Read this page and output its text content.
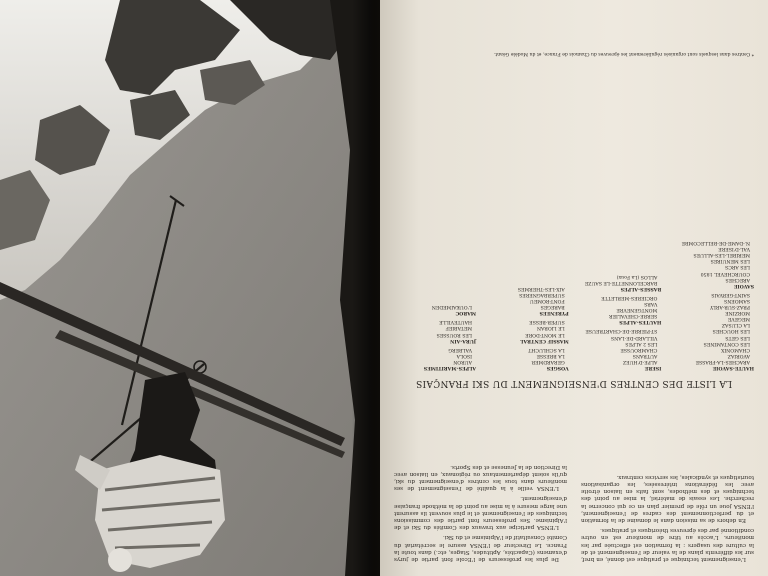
L'enseignement technique et pratique est donné, en bref, sur les différents plans de la valeur de l'enseignement et de la culture des usagers : la formation est effectuée par les moniteurs. L'accès au titre de moniteur est en outre conditionné par des épreuves théoriques et pratiques.

En dehors de sa mission dans le domaine de la formation et du perfectionnement des cadres de l'enseignement, l'ENSA joue un rôle de premier plan en ce qui concerne la recherche. Les essais de matériel, la mise au point des techniques et des méthodes, sont faits en liaison étroite avec les fédérations intéressées, les organisations touristiques et syndicales, les services centraux.

De plus les professeurs de l'Ecole font partie de jurys d'examens (Capacités, Aptitudes, Stages, etc.) dans toute la France. Le Directeur de l'ENSA assure le secrétariat du Comité Consultatif de l'Alpinisme et du Ski.

L'ENSA participe aux travaux des Comités du Ski et de l'Alpinisme. Ses professeurs font partie des commissions techniques de l'enseignement et le plus souvent ils assurent une large mesure à la mise au point de la méthode française d'enseignement.

L'ENSA veille à la qualité de l'enseignement de ses moniteurs dans tous les centres d'enseignement du ski, qu'ils soient départementaux ou régionaux, en liaison avec la Direction de la Jeunesse et des Sports.

LA LISTE DES CENTRES D'ENSEIGNEMENT DU SKI FRANÇAIS
HAUTE-SAVOIE
ARACHES-LA-FRASSE
AVORIAZ
CHAMONIX
LES CONTAMINES
LES GETS
LES HOUCHES
LA CLUSAZ
MEGEVE
MORZINE
PRAZ-SUR-ARLY
SAMOENS
SAINT-GERVAIS
SAVOIE
ARECHES
COURCHEVEL 1850
LES ARCS
LES MENUIRES
MERIBEL-LES-ALLUES
VAL-D'ISERE
N.-DAME-DE-BELLECOMBE
ISERE
ALPE-D'HUEZ
AUTRANS
CHAMROUSSE
LES 2 ALPES
VILLARD-DE-LANS
ST-PIERRE-DE-CHARTREUSE
HAUTES-ALPES
SERRE-CHEVALIER
MONTGENEVRE
VARS
ORCIERES-MERLETTE
BASSES-ALPES
BARCELONNETTE-LE SAUZE
ALLOS (La Foux)
VOSGES
GERARDMER
LA BRESSE
LA SCHLUCHT
MASSIF CENTRAL
LE MONT-DORE
LE LIORAN
SUPER-BESSE
PYRENEES
BAREGES
FONT-ROMEU
SUPERBAGNERES
AIX-LES-THERMES
ALPES-MARITIMES
AURON
ISOLA
VALBERG
JURA-AIN
LES ROUSSES
METABIEF
HAUTEVILLE
MAROC
L'OUKAIMEDEN
* Centres dans lesquels sont organisés régulièrement les épreuves du Chamois de France, et du Modèle Géant.
